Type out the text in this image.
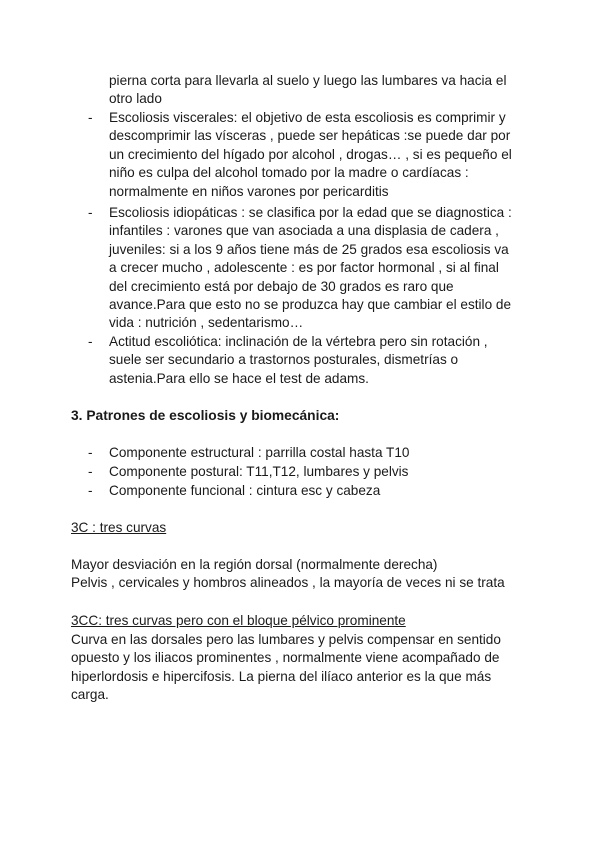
pierna corta para llevarla al suelo y luego las lumbares va hacia el
otro lado
- Escoliosis viscerales: el objetivo de esta escoliosis es comprimir y
descomprimir las vísceras , puede ser hepáticas :se puede dar por
un crecimiento del hígado por alcohol , drogas… , si es pequeño el
niño es culpa del alcohol tomado por la madre o cardíacas :
normalmente en niños varones por pericarditis
- Escoliosis idiopáticas : se clasifica por la edad que se diagnostica :
infantiles : varones que van asociada a una displasia de cadera ,
juveniles: si a los 9 años tiene más de 25 grados esa escoliosis va
a crecer mucho , adolescente : es por factor hormonal , si al final
del crecimiento está por debajo de 30 grados es raro que
avance.Para que esto no se produzca hay que cambiar el estilo de
vida : nutrición , sedentarismo…
- Actitud escoliótica: inclinación de la vértebra pero sin rotación ,
suele ser secundario a trastornos posturales, dismetrías o
astenia.Para ello se hace el test de adams.
3. Patrones de escoliosis y biomecánica:
- Componente estructural : parrilla costal hasta T10
- Componente postural: T11,T12, lumbares y pelvis
- Componente funcional : cintura esc y cabeza
3C : tres curvas
Mayor desviación en la región dorsal (normalmente derecha)
Pelvis , cervicales y hombros alineados , la mayoría de veces ni se trata
3CC: tres curvas pero con el bloque pélvico prominente
Curva en las dorsales pero las lumbares y pelvis compensar en sentido
opuesto y los iliacos prominentes , normalmente viene acompañado de
hiperlordosis e hipercifosis. La pierna del ilíaco anterior es la que más
carga.
